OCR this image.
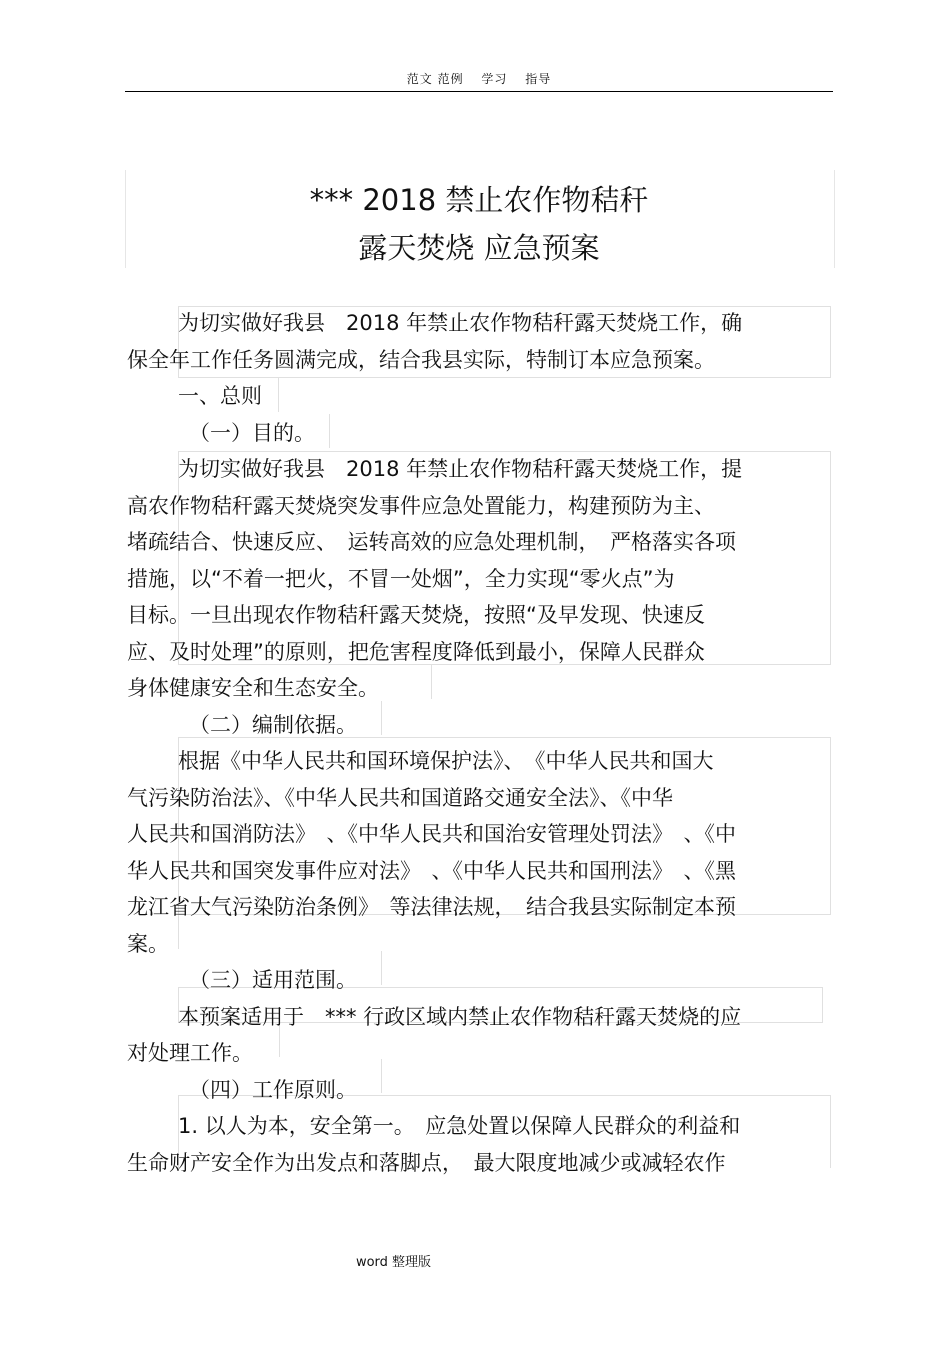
范文 范例　 学习　 指导
*** 2018 禁止农作物秸秆
露天焚烧 应急预案

为切实做好我县　2018 年禁止农作物秸秆露天焚烧工作，确

保全年工作任务圆满完成，结合我县实际，特制订本应急预案。

一、总则

（一）目的。

为切实做好我县　2018 年禁止农作物秸秆露天焚烧工作，提

高农作物秸秆露天焚烧突发事件应急处置能力，构建预防为主、

堵疏结合、快速反应、　运转高效的应急处理机制，　严格落实各项

措施，以“不着一把火，不冒一处烟”，全力实现“零火点”为

目标。一旦出现农作物秸秆露天焚烧，按照“及早发现、快速反

应、及时处理”的原则，把危害程度降低到最小，保障人民群众

身体健康安全和生态安全。

（二）编制依据。

根据《中华人民共和国环境保护法》、　《中华人民共和国大

气污染防治法》、《中华人民共和国道路交通安全法》、《中华

人民共和国消防法》　、《中华人民共和国治安管理处罚法》　、《中

华人民共和国突发事件应对法》　、《中华人民共和国刑法》　、《黑

龙江省大气污染防治条例》　等法律法规，　结合我县实际制定本预

案。

（三）适用范围。

本预案适用于　*** 行政区域内禁止农作物秸秆露天焚烧的应

对处理工作。

（四）工作原则。

1. 以人为本，安全第一。　应急处置以保障人民群众的利益和

生命财产安全作为出发点和落脚点，　最大限度地减少或减轻农作

word 整理版
